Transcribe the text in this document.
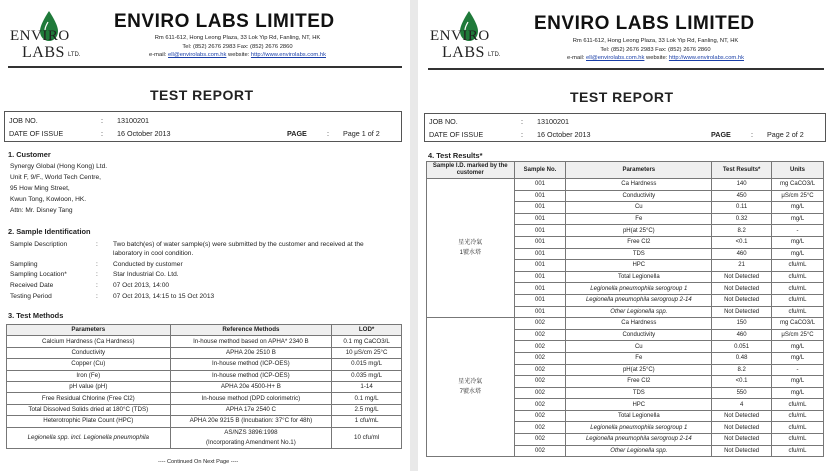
ENVIRO
LABS LTD.
ENVIRO LABS LIMITED
Rm 611-612, Hong Leong Plaza, 33 Lok Yip Rd, Fanling, NT, HK
Tel: (852) 2676 2983 Fax: (852) 2676 2860
e-mail: ell@envirolabs.com.hk website: http://www.envirolabs.com.hk
TEST REPORT
JOB NO.	: 13100201
DATE OF ISSUE	: 16 October 2013	PAGE	: Page 1 of 2
1. Customer
Synergy Global (Hong Kong) Ltd.
Unit F, 9/F., World Tech Centre,
95 How Ming Street,
Kwun Tong, Kowloon, HK.
Attn: Mr. Disney Tang
2. Sample Identification
Sample Description	: Two batch(es) of water sample(s) were submitted by the customer and received at the
laboratory in cool condition.
Sampling	: Conducted by customer
Sampling Location*	: Star Industrial Co. Ltd.
Received Date	: 07 Oct 2013, 14:00
Testing Period	: 07 Oct 2013, 14:15 to 15 Oct 2013
3. Test Methods
Parameters	Reference Methods	LOD*
Calcium Hardness (Ca Hardness)	In-house method based on APHA* 2340 B	0.1 mg CaCO3/L
Conductivity	APHA 20e 2510 B	10 μS/cm 25°C
Copper (Cu)	In-house method (ICP-OES)	0.015 mg/L
Iron (Fe)	In-house method (ICP-OES)	0.035 mg/L
pH value (pH)	APHA 20e 4500-H+ B	1-14
Free Residual Chlorine (Free Cl2)	In-house method (DPD colorimetric)	0.1 mg/L
Total Dissolved Solids dried at 180°C (TDS)	APHA 17e 2540 C	2.5 mg/L
Heterotrophic Plate Count (HPC)	APHA 20e 9215 B (Incubation: 37°C for 48h)	1 cfu/mL
Legionella spp. incl. Legionella pneumophila	AS/NZS 3896:1998
(Incorporating Amendment No.1)	10 cfu/ml
---- Continued On Next Page ----
ENVIRO
LABS LTD.
ENVIRO LABS LIMITED
Rm 611-612, Hong Leong Plaza, 33 Lok Yip Rd, Fanling, NT, HK
Tel: (852) 2676 2983 Fax: (852) 2676 2860
e-mail: ell@envirolabs.com.hk website: http://www.envirolabs.com.hk
TEST REPORT
JOB NO.	: 13100201
DATE OF ISSUE	: 16 October 2013	PAGE	: Page 2 of 2
4. Test Results*
Sample I.D. marked by the customer	Sample No.	Parameters	Test Results*	Units

星光冷氣
1號水塔	001	Ca Hardness	140	mg CaCO3/L
	001	Conductivity	450	μS/cm 25°C
	001	Cu	0.11	mg/L
	001	Fe	0.32	mg/L
	001	pH(at 25°C)	8.2	-
	001	Free Cl2	<0.1	mg/L
	001	TDS	460	mg/L
	001	HPC	21	cfu/mL
	001	Total Legionella	Not Detected	cfu/mL
	001	Legionella pneumophila serogroup 1	Not Detected	cfu/mL
	001	Legionella pneumophila serogroup 2-14	Not Detected	cfu/mL
	001	Other Legionella spp.	Not Detected	cfu/mL

星光冷氣
7號水塔	002	Ca Hardness	150	mg CaCO3/L
	002	Conductivity	460	μS/cm 25°C
	002	Cu	0.051	mg/L
	002	Fe	0.48	mg/L
	002	pH(at 25°C)	8.2	-
	002	Free Cl2	<0.1	mg/L
	002	TDS	550	mg/L
	002	HPC	4	cfu/mL
	002	Total Legionella	Not Detected	cfu/mL
	002	Legionella pneumophila serogroup 1	Not Detected	cfu/mL
	002	Legionella pneumophila serogroup 2-14	Not Detected	cfu/mL
	002	Other Legionella spp.	Not Detected	cfu/mL
